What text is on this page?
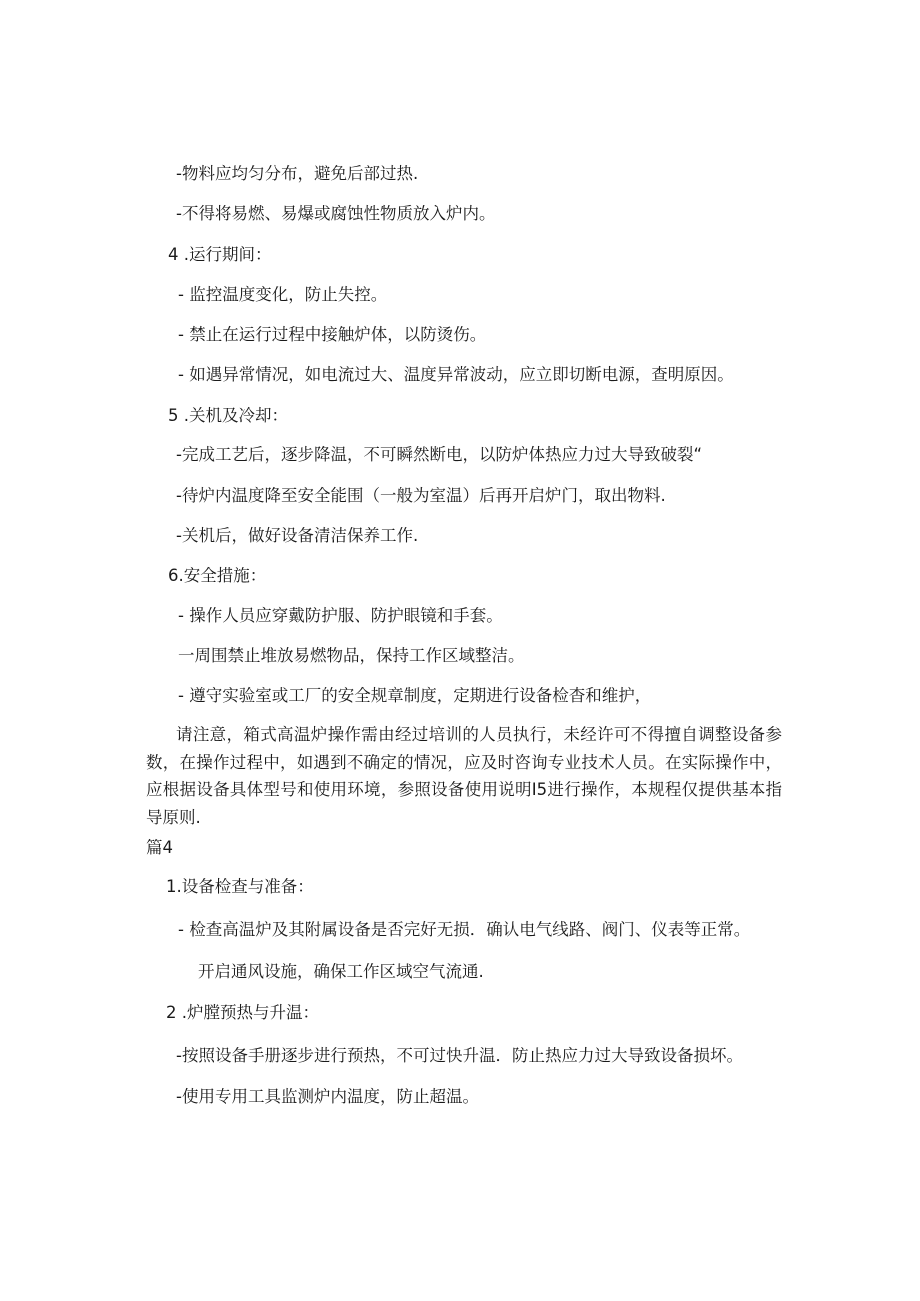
-物料应均匀分布，避免后部过热.
-不得将易燃、易爆或腐蚀性物质放入炉内。
4 .运行期间：
- 监控温度变化，防止失控。
- 禁止在运行过程中接触炉体，以防烫伤。
- 如遇异常情况，如电流过大、温度异常波动，应立即切断电源，查明原因。
5 .关机及冷却：
-完成工艺后，逐步降温，不可瞬然断电，以防炉体热应力过大导致破裂“
-待炉内温度降至安全能围（一般为室温）后再开启炉门，取出物料.
-关机后，做好设备清洁保养工作.
6.安全措施：
- 操作人员应穿戴防护服、防护眼镜和手套。
一周围禁止堆放易燃物品，保持工作区域整洁。
- 遵守实验室或工厂的安全规章制度，定期进行设备检杳和维护，
请注意，箱式高温炉操作需由经过培训的人员执行，未经许可不得擅自调整设备参数，在操作过程中，如遇到不确定的情况，应及时咨询专业技术人员。在实际操作中，应根据设备具体型号和使用环境，参照设备使用说明I5进行操作，本规程仅提供基本指导原则.
篇4
1.设备检查与准备：
- 检查高温炉及其附属设备是否完好无损．确认电气线路、阀门、仪表等正常。
开启通风设施，确保工作区域空气流通.
2 .炉膛预热与升温：
-按照设备手册逐步进行预热，不可过快升温．防止热应力过大导致设备损坏。
-使用专用工具监测炉内温度，防止超温。
